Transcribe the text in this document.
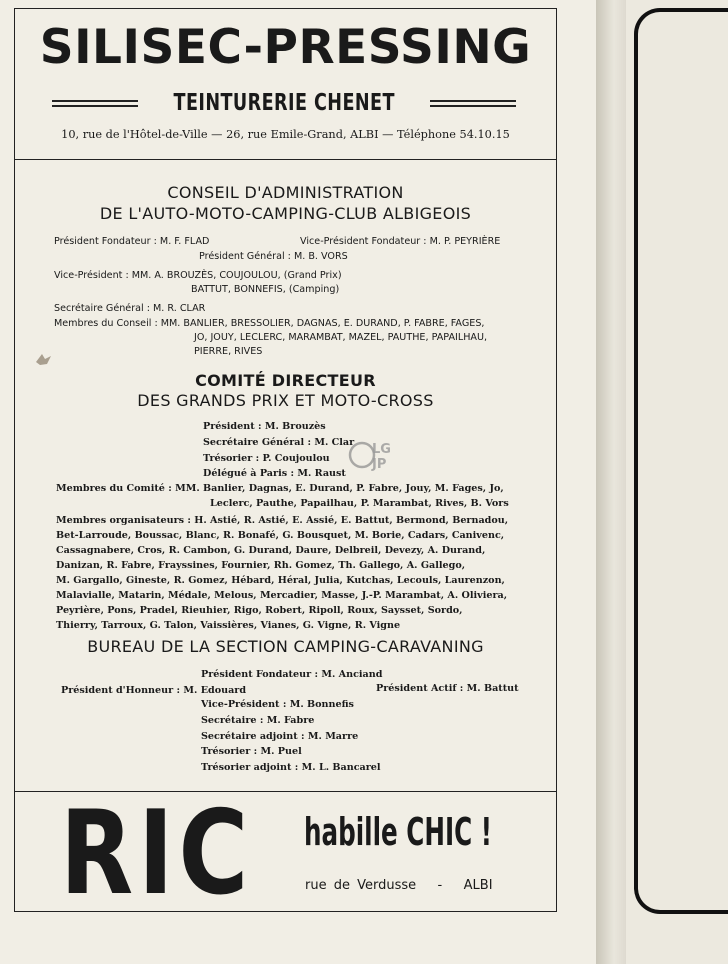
SILISEC-PRESSING
TEINTURERIE CHENET
10, rue de l'Hôtel-de-Ville — 26, rue Emile-Grand, ALBI — Téléphone 54.10.15
CONSEIL D'ADMINISTRATION
DE L'AUTO-MOTO-CAMPING-CLUB ALBIGEOIS
Président Fondateur : M. F. FLAD	Vice-Président Fondateur : M. P. PEYRIÈRE
Président Général : M. B. VORS
Vice-Président : MM. A. BROUZÈS, COUJOULOU, (Grand Prix)
BATTUT, BONNEFIS, (Camping)
Secrétaire Général : M. R. CLAR
Membres du Conseil : MM. BANLIER, BRESSOLIER, DAGNAS, E. DURAND, P. FABRE, FAGES,
JO, JOUY, LECLERC, MARAMBAT, MAZEL, PAUTHE, PAPAILHAU,
PIERRE, RIVES
COMITÉ DIRECTEUR
DES GRANDS PRIX ET MOTO-CROSS
Président : M. Brouzès
Secrétaire Général : M. Clar
Trésorier : P. Coujoulou
Délégué à Paris : M. Raust
Membres du Comité : MM. Banlier, Dagnas, E. Durand, P. Fabre, Jouy, M. Fages, Jo,
Leclerc, Pauthe, Papailhau, P. Marambat, Rives, B. Vors
Membres organisateurs : H. Astié, R. Astié, E. Assié, E. Battut, Bermond, Bernadou,
Bet-Larroude, Boussac, Blanc, R. Bonafé, G. Bousquet, M. Borie, Cadars, Canivenc,
Cassagnabere, Cros, R. Cambon, G. Durand, Daure, Delbreil, Devezy, A. Durand,
Danizan, R. Fabre, Frayssines, Fournier, Rh. Gomez, Th. Gallego, A. Gallego,
M. Gargallo, Gineste, R. Gomez, Hébard, Héral, Julia, Kutchas, Lecouls, Laurenzon,
Malavialle, Matarin, Médale, Melous, Mercadier, Masse, J.-P. Marambat, A. Oliviera,
Peyrière, Pons, Pradel, Rieuhier, Rigo, Robert, Ripoll, Roux, Saysset, Sordo,
Thierry, Tarroux, G. Talon, Vaissières, Vianes, G. Vigne, R. Vigne
BUREAU DE LA SECTION CAMPING-CARAVANING
Président Fondateur : M. Anciand
Président d'Honneur : M. Edouard	Président Actif : M. Battut
Vice-Président : M. Bonnefis
Secrétaire : M. Fabre
Secrétaire adjoint : M. Marre
Trésorier : M. Puel
Trésorier adjoint : M. L. Bancarel
RIC habille CHIC !
rue de Verdusse   -   ALBI
LG
JP
